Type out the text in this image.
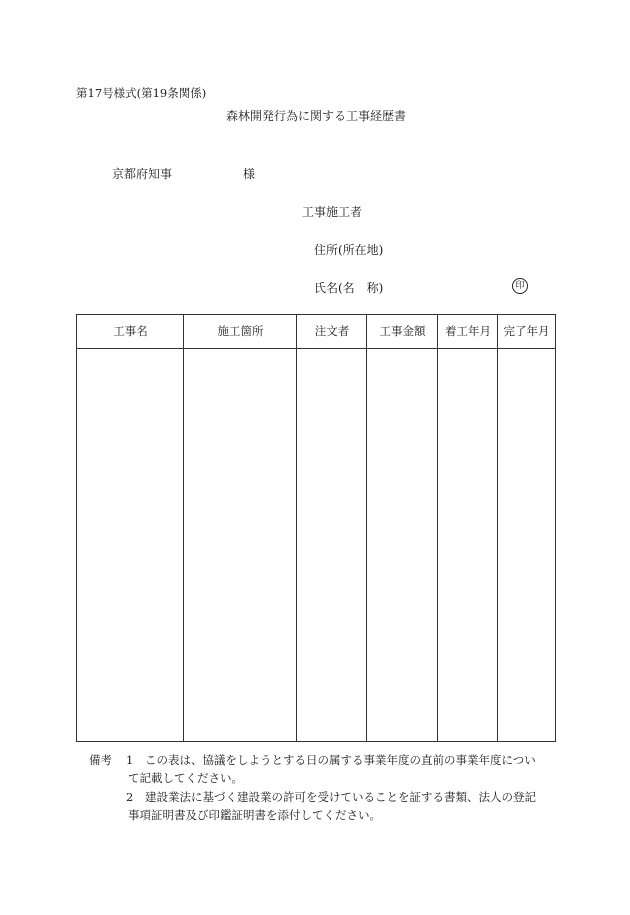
第17号様式(第19条関係)
森林開発行為に関する工事経歴書
京都府知事	様
工事施工者
住所(所在地)
氏名(名　称)	印
工事名	施工箇所	注文者	工事金額	着工年月	完了年月
備考 1 この表は、協議をしようとする日の属する事業年度の直前の事業年度につい
て記載してください。
2 建設業法に基づく建設業の許可を受けていることを証する書類、法人の登記
事項証明書及び印鑑証明書を添付してください。
